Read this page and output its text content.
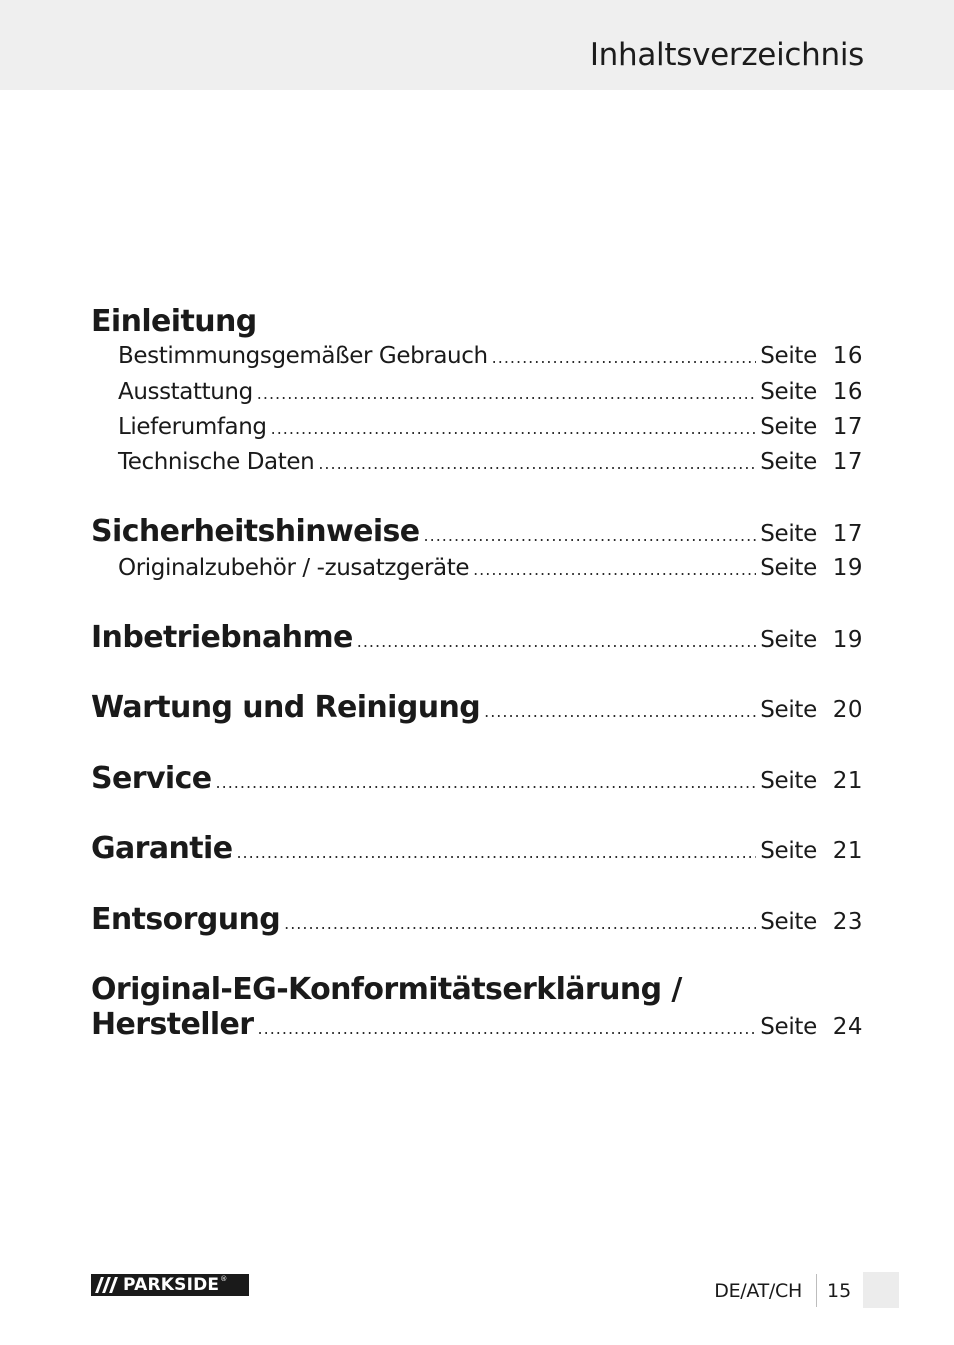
Inhaltsverzeichnis
Einleitung
Bestimmungsgemäßer Gebrauch .....	Seite 16
Ausstattung .....	Seite 16
Lieferumfang .....	Seite 17
Technische Daten .....	Seite 17
Sicherheitshinweise .....	Seite 17
Originalzubehör / -zusatzgeräte .....	Seite 19
Inbetriebnahme .....	Seite 19
Wartung und Reinigung .....	Seite 20
Service .....	Seite 21
Garantie .....	Seite 21
Entsorgung .....	Seite 23
Original-EG-Konformitätserklärung /
Hersteller .....	Seite 24
PARKSIDE ®
DE/AT/CH 15
